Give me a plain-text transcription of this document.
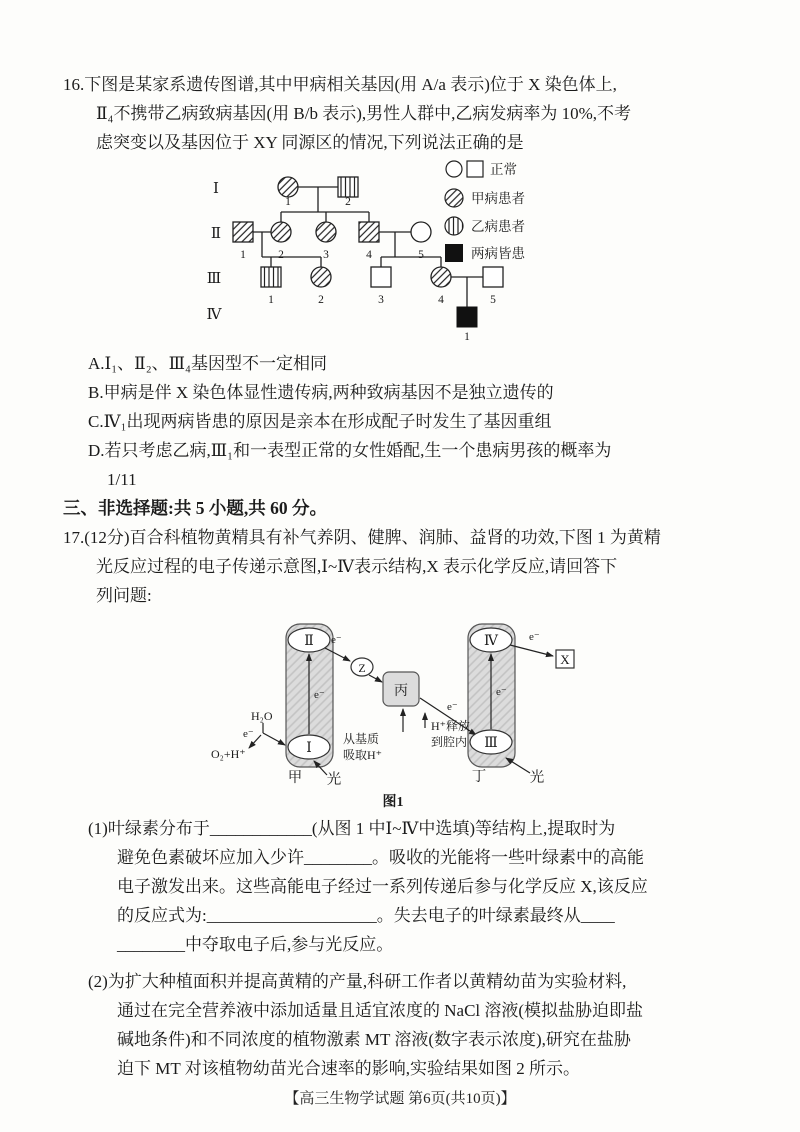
16.下图是某家系遗传图谱,其中甲病相关基因(用 A/a 表示)位于 X 染色体上,
Ⅱ₄不携带乙病致病基因(用 B/b 表示),男性人群中,乙病发病率为 10%,不考
虑突变以及基因位于 XY 同源区的情况,下列说法正确的是
Ⅰ
Ⅱ
Ⅲ
Ⅳ
1	2
1	2	3	4	5
1	2	3	4	5
1
正常
甲病患者
乙病患者
两病皆患
A.Ⅰ₁、Ⅱ₂、Ⅲ₄基因型不一定相同
B.甲病是伴 X 染色体显性遗传病,两种致病基因不是独立遗传的
C.Ⅳ₁出现两病皆患的原因是亲本在形成配子时发生了基因重组
D.若只考虑乙病,Ⅲ₁和一表型正常的女性婚配,生一个患病男孩的概率为
1/11
三、非选择题:共 5 小题,共 60 分。
17.(12分)百合科植物黄精具有补气养阴、健脾、润肺、益肾的功效,下图 1 为黄精
光反应过程的电子传递示意图,Ⅰ~Ⅳ表示结构,X 表示化学反应,请回答下
列问题:
Ⅱ
Ⅰ
Ⅳ
Ⅲ
Z
丙
X
e⁻
e⁻
e⁻
e⁻
e⁻
e⁻
H₂O
O₂+H⁺
从基质
吸取H⁺
H⁺释放
到腔内
甲 光	丁	光
图1
(1)叶绿素分布于____________(从图 1 中Ⅰ~Ⅳ中选填)等结构上,提取时为
避免色素破坏应加入少许________。吸收的光能将一些叶绿素中的高能
电子激发出来。这些高能电子经过一系列传递后参与化学反应 X,该反应
的反应式为:____________________。失去电子的叶绿素最终从____
________中夺取电子后,参与光反应。
(2)为扩大种植面积并提高黄精的产量,科研工作者以黄精幼苗为实验材料,
通过在完全营养液中添加适量且适宜浓度的 NaCl 溶液(模拟盐胁迫即盐
碱地条件)和不同浓度的植物激素 MT 溶液(数字表示浓度),研究在盐胁
迫下 MT 对该植物幼苗光合速率的影响,实验结果如图 2 所示。
【高三生物学试题 第6页(共10页)】
